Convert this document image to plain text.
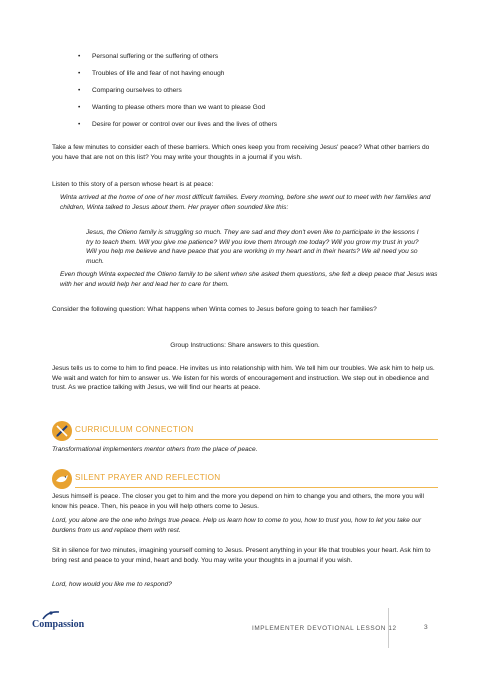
• Personal suffering or the suffering of others
• Troubles of life and fear of not having enough
• Comparing ourselves to others
• Wanting to please others more than we want to please God
• Desire for power or control over our lives and the lives of others

Take a few minutes to consider each of these barriers. Which ones keep you from receiving Jesus' peace? What other barriers do you have that are not on this list? You may write your thoughts in a journal if you wish.

Listen to this story of a person whose heart is at peace:

Winta arrived at the home of one of her most difficult families. Every morning, before she went out to meet with her families and children, Winta talked to Jesus about them. Her prayer often sounded like this:

Jesus, the Otieno family is struggling so much. They are sad and they don't even like to participate in the lessons I try to teach them. Will you give me patience? Will you love them through me today? Will you grow my trust in you? Will you help me believe and have peace that you are working in my heart and in their hearts? We all need you so much.

Even though Winta expected the Otieno family to be silent when she asked them questions, she felt a deep peace that Jesus was with her and would help her and lead her to care for them.

Consider the following question: What happens when Winta comes to Jesus before going to teach her families?

Group Instructions: Share answers to this question.

Jesus tells us to come to him to find peace. He invites us into relationship with him. We tell him our troubles. We ask him to help us. We wait and watch for him to answer us. We listen for his words of encouragement and instruction. We step out in obedience and trust. As we practice talking with Jesus, we will find our hearts at peace.

CURRICULUM CONNECTION

Transformational implementers mentor others from the place of peace.

SILENT PRAYER AND REFLECTION

Jesus himself is peace. The closer you get to him and the more you depend on him to change you and others, the more you will know his peace. Then, his peace in you will help others come to Jesus.

Lord, you alone are the one who brings true peace. Help us learn how to come to you, how to trust you, how to let you take our burdens from us and replace them with rest.

Sit in silence for two minutes, imagining yourself coming to Jesus. Present anything in your life that troubles your heart. Ask him to bring rest and peace to your mind, heart and body. You may write your thoughts in a journal if you wish.

Lord, how would you like me to respond?

Compassion	IMPLEMENTER DEVOTIONAL LESSON 12	3
